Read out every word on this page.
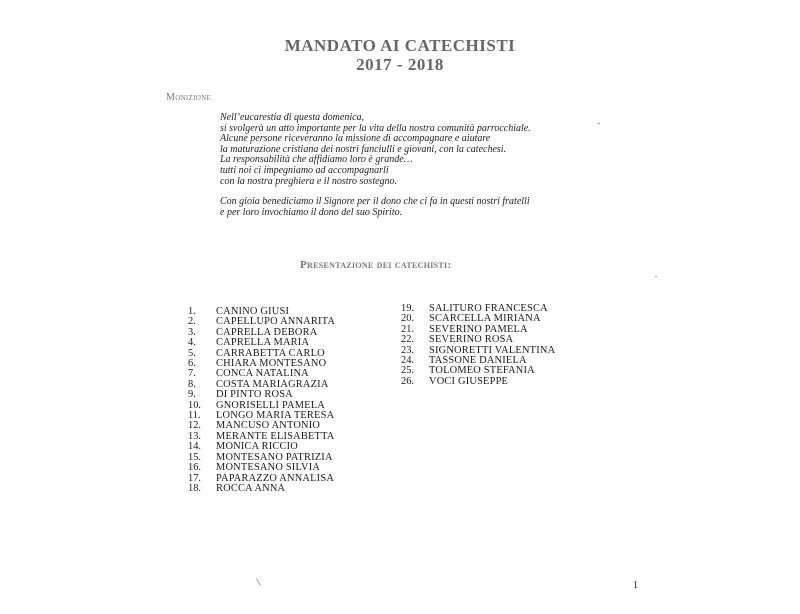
MANDATO AI CATECHISTI
2017 - 2018
Monizione
Nell’eucarestia di questa domenica,
si svolgerà un atto importante per la vita della nostra comunità parrocchiale.
Alcune persone riceveranno la missione di accompagnare e aiutare
la maturazione cristiana dei nostri fanciulli e giovani, con la catechesi.
La responsabilità che affidiamo loro è grande…
tutti noi ci impegniamo ad accompagnarli
con la nostra preghiera e il nostro sostegno.
Con gioia benediciamo il Signore per il dono che ci fa in questi nostri fratelli
e per loro invochiamo il dono del suo Spirito.
Presentazione dei catechisti:
1.	CANINO GIUSI
2.	CAPELLUPO ANNARITA
3.	CAPRELLA DEBORA
4.	CAPRELLA MARIA
5.	CARRABETTA CARLO
6.	CHIARA MONTESANO
7.	CONCA NATALINA
8.	COSTA MARIAGRAZIA
9.	DI PINTO ROSA
10.	GNORISELLI PAMELA
11.	LONGO MARIA TERESA
12.	MANCUSO ANTONIO
13.	MERANTE ELISABETTA
14.	MONICA RICCIO
15.	MONTESANO PATRIZIA
16.	MONTESANO SILVIA
17.	PAPARAZZO ANNALISA
18.	ROCCA ANNA
19.	SALITURO FRANCESCA
20.	SCARCELLA MIRIANA
21.	SEVERINO PAMELA
22.	SEVERINO ROSA
23.	SIGNORETTI VALENTINA
24.	TASSONE DANIELA
25.	TOLOMEO STEFANIA
26.	VOCI GIUSEPPE
1
